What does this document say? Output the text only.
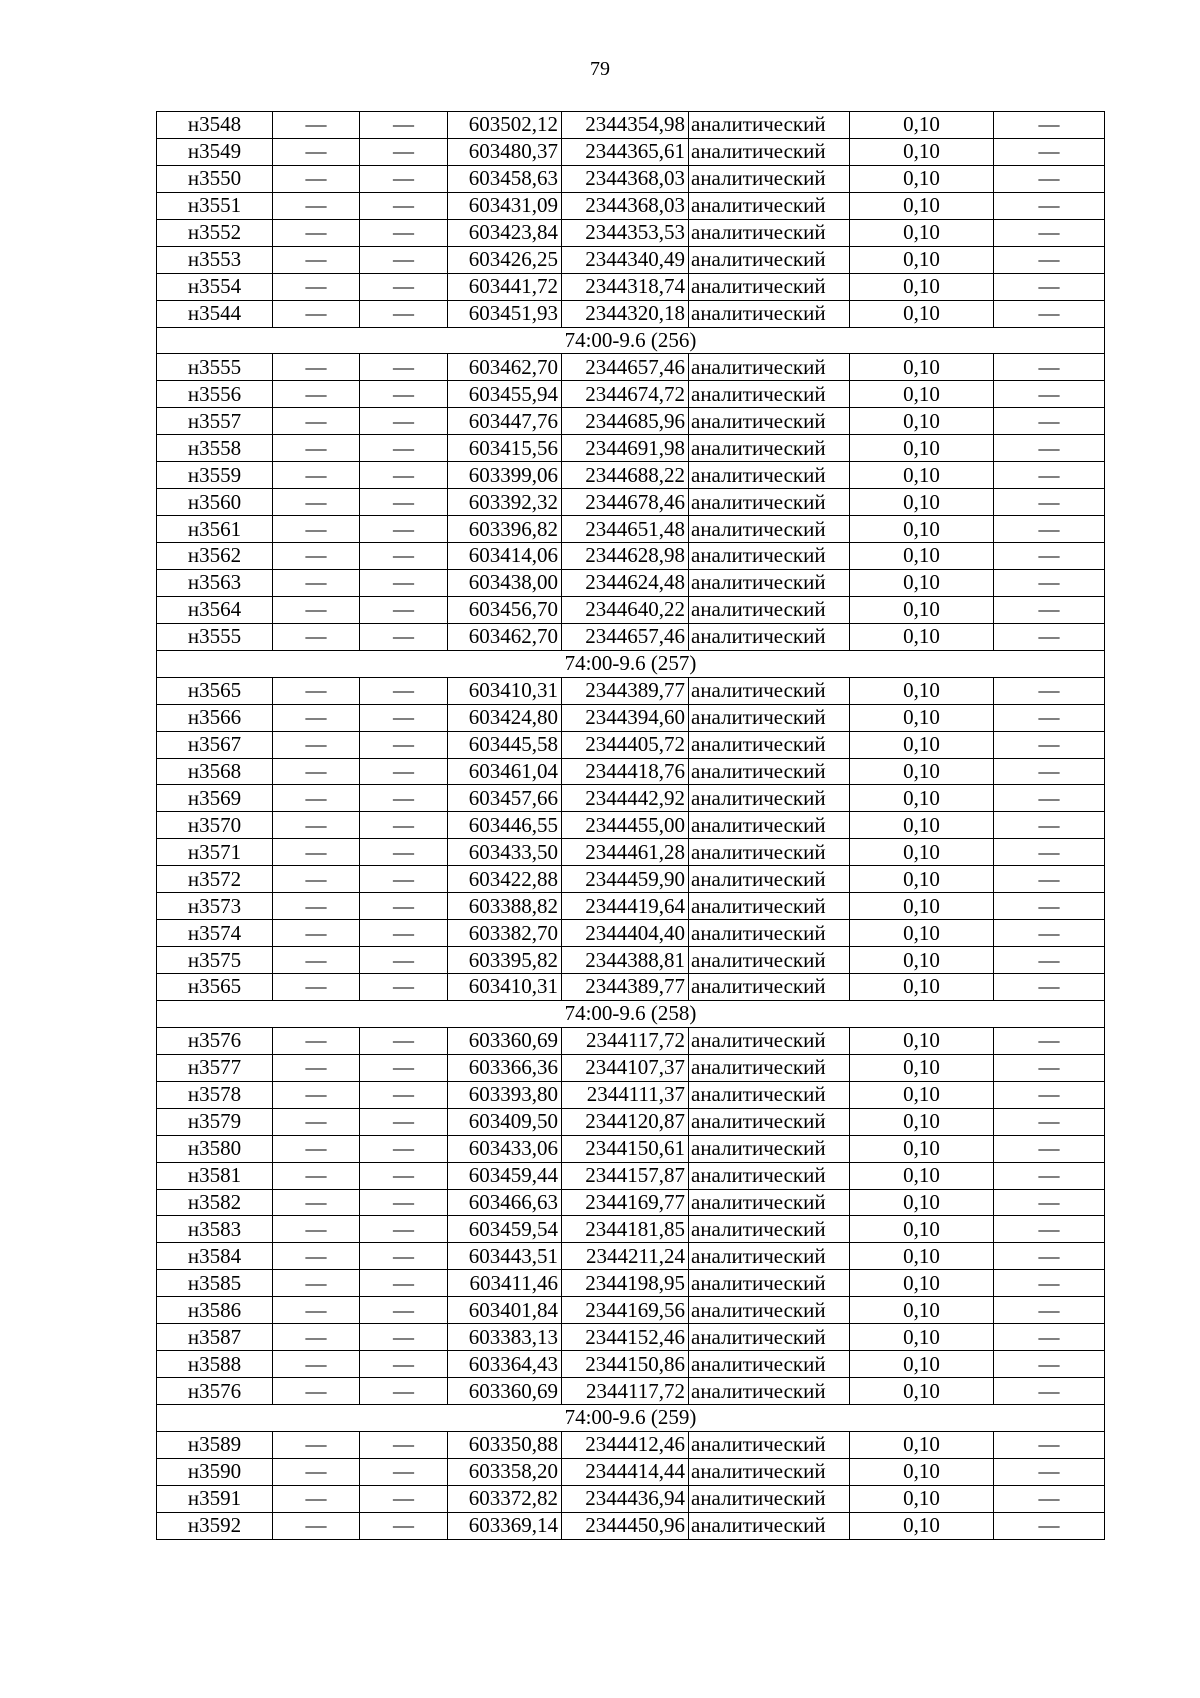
79
н3548	—	—	603502,12	2344354,98	аналитический	0,10	—
н3549	—	—	603480,37	2344365,61	аналитический	0,10	—
н3550	—	—	603458,63	2344368,03	аналитический	0,10	—
н3551	—	—	603431,09	2344368,03	аналитический	0,10	—
н3552	—	—	603423,84	2344353,53	аналитический	0,10	—
н3553	—	—	603426,25	2344340,49	аналитический	0,10	—
н3554	—	—	603441,72	2344318,74	аналитический	0,10	—
н3544	—	—	603451,93	2344320,18	аналитический	0,10	—
74:00-9.6 (256)							
н3555	—	—	603462,70	2344657,46	аналитический	0,10	—
н3556	—	—	603455,94	2344674,72	аналитический	0,10	—
н3557	—	—	603447,76	2344685,96	аналитический	0,10	—
н3558	—	—	603415,56	2344691,98	аналитический	0,10	—
н3559	—	—	603399,06	2344688,22	аналитический	0,10	—
н3560	—	—	603392,32	2344678,46	аналитический	0,10	—
н3561	—	—	603396,82	2344651,48	аналитический	0,10	—
н3562	—	—	603414,06	2344628,98	аналитический	0,10	—
н3563	—	—	603438,00	2344624,48	аналитический	0,10	—
н3564	—	—	603456,70	2344640,22	аналитический	0,10	—
н3555	—	—	603462,70	2344657,46	аналитический	0,10	—
74:00-9.6 (257)							
н3565	—	—	603410,31	2344389,77	аналитический	0,10	—
н3566	—	—	603424,80	2344394,60	аналитический	0,10	—
н3567	—	—	603445,58	2344405,72	аналитический	0,10	—
н3568	—	—	603461,04	2344418,76	аналитический	0,10	—
н3569	—	—	603457,66	2344442,92	аналитический	0,10	—
н3570	—	—	603446,55	2344455,00	аналитический	0,10	—
н3571	—	—	603433,50	2344461,28	аналитический	0,10	—
н3572	—	—	603422,88	2344459,90	аналитический	0,10	—
н3573	—	—	603388,82	2344419,64	аналитический	0,10	—
н3574	—	—	603382,70	2344404,40	аналитический	0,10	—
н3575	—	—	603395,82	2344388,81	аналитический	0,10	—
н3565	—	—	603410,31	2344389,77	аналитический	0,10	—
74:00-9.6 (258)							
н3576	—	—	603360,69	2344117,72	аналитический	0,10	—
н3577	—	—	603366,36	2344107,37	аналитический	0,10	—
н3578	—	—	603393,80	2344111,37	аналитический	0,10	—
н3579	—	—	603409,50	2344120,87	аналитический	0,10	—
н3580	—	—	603433,06	2344150,61	аналитический	0,10	—
н3581	—	—	603459,44	2344157,87	аналитический	0,10	—
н3582	—	—	603466,63	2344169,77	аналитический	0,10	—
н3583	—	—	603459,54	2344181,85	аналитический	0,10	—
н3584	—	—	603443,51	2344211,24	аналитический	0,10	—
н3585	—	—	603411,46	2344198,95	аналитический	0,10	—
н3586	—	—	603401,84	2344169,56	аналитический	0,10	—
н3587	—	—	603383,13	2344152,46	аналитический	0,10	—
н3588	—	—	603364,43	2344150,86	аналитический	0,10	—
н3576	—	—	603360,69	2344117,72	аналитический	0,10	—
74:00-9.6 (259)							
н3589	—	—	603350,88	2344412,46	аналитический	0,10	—
н3590	—	—	603358,20	2344414,44	аналитический	0,10	—
н3591	—	—	603372,82	2344436,94	аналитический	0,10	—
н3592	—	—	603369,14	2344450,96	аналитический	0,10	—
